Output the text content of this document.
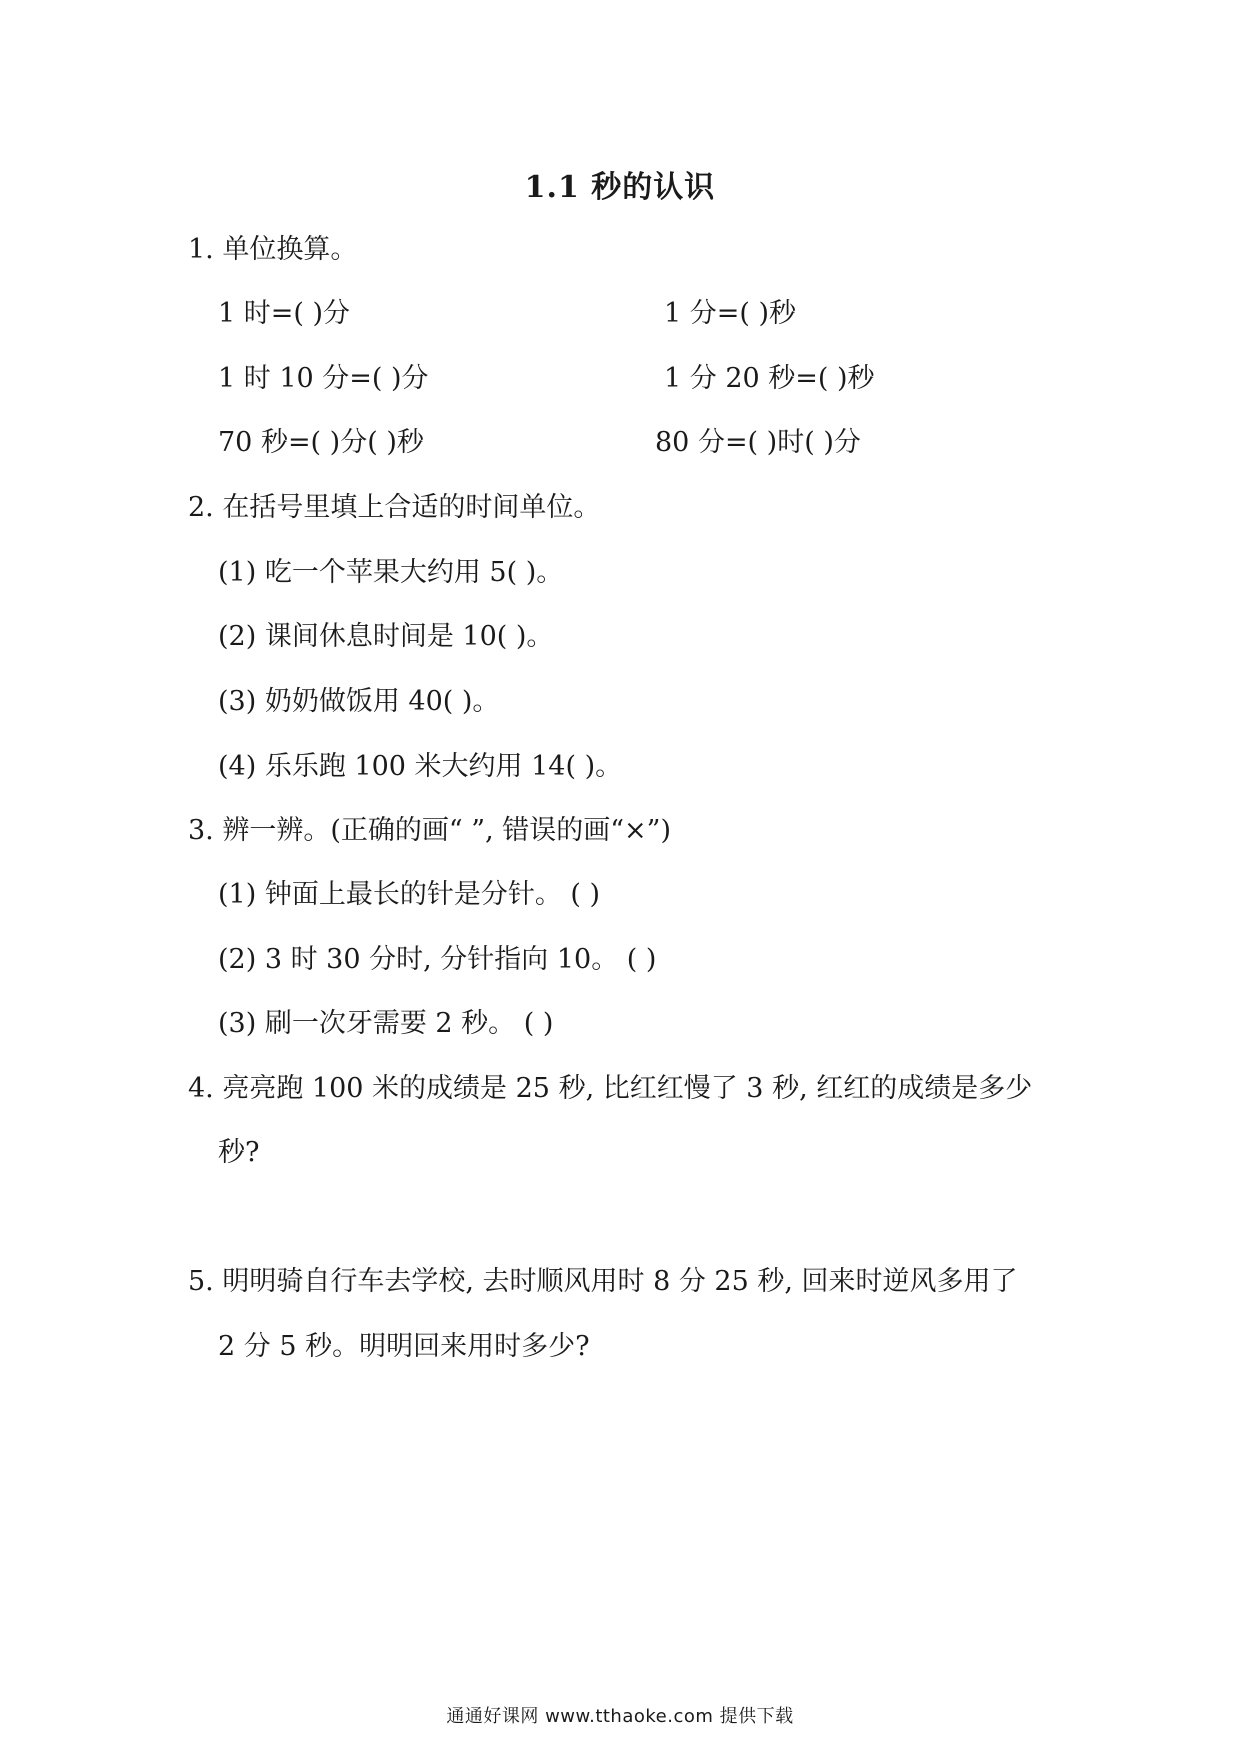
1.1 秒的认识
1. 单位换算。
1 时=( )分	1 分=( )秒
1 时 10 分=( )分	1 分 20 秒=( )秒
70 秒=( )分( )秒	80 分=( )时( )分
2. 在括号里填上合适的时间单位。
(1) 吃一个苹果大约用 5( )。
(2) 课间休息时间是 10( )。
(3) 奶奶做饭用 40( )。
(4) 乐乐跑 100 米大约用 14( )。
3. 辨一辨。(正确的画“ ”, 错误的画“×”)
(1) 钟面上最长的针是分针。 ( )
(2) 3 时 30 分时, 分针指向 10。 ( )
(3) 刷一次牙需要 2 秒。 ( )
4. 亮亮跑 100 米的成绩是 25 秒, 比红红慢了 3 秒, 红红的成绩是多少
秒?
5. 明明骑自行车去学校, 去时顺风用时 8 分 25 秒, 回来时逆风多用了
2 分 5 秒。明明回来用时多少?
通通好课网 www.tthaoke.com 提供下载
